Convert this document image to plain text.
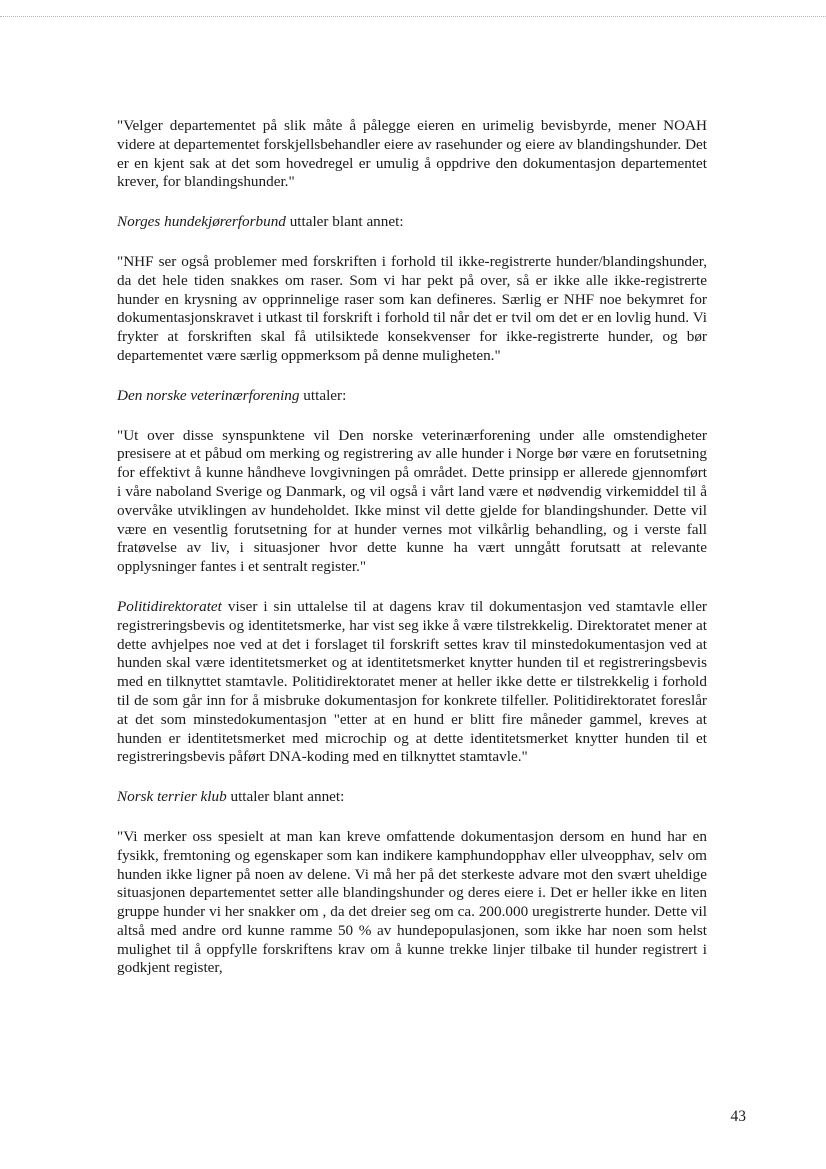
"Velger departementet på slik måte å pålegge eieren en urimelig bevisbyrde, mener NOAH videre at departementet forskjellsbehandler eiere av rasehunder og eiere av blandingshunder. Det er en kjent sak at det som hovedregel er umulig å oppdrive den dokumentasjon departementet krever, for blandingshunder."

Norges hundekjørerforbund uttaler blant annet:

"NHF ser også problemer med forskriften i forhold til ikke-registrerte hunder/blandingshunder, da det hele tiden snakkes om raser. Som vi har pekt på over, så er ikke alle ikke-registrerte hunder en krysning av opprinnelige raser som kan defineres. Særlig er NHF noe bekymret for dokumentasjonskravet i utkast til forskrift i forhold til når det er tvil om det er en lovlig hund. Vi frykter at forskriften skal få utilsiktede konsekvenser for ikke-registrerte hunder, og bør departementet være særlig oppmerksom på denne muligheten."

Den norske veterinærforening uttaler:

"Ut over disse synspunktene vil Den norske veterinærforening under alle omstendigheter presisere at et påbud om merking og registrering av alle hunder i Norge bør være en forutsetning for effektivt å kunne håndheve lovgivningen på området. Dette prinsipp er allerede gjennomført i våre naboland Sverige og Danmark, og vil også i vårt land være et nødvendig virkemiddel til å overvåke utviklingen av hundeholdet. Ikke minst vil dette gjelde for blandingshunder. Dette vil være en vesentlig forutsetning for at hunder vernes mot vilkårlig behandling, og i verste fall fratøvelse av liv, i situasjoner hvor dette kunne ha vært unngått forutsatt at relevante opplysninger fantes i et sentralt register."

Politidirektoratet viser i sin uttalelse til at dagens krav til dokumentasjon ved stamtavle eller registreringsbevis og identitetsmerke, har vist seg ikke å være tilstrekkelig. Direktoratet mener at dette avhjelpes noe ved at det i forslaget til forskrift settes krav til minstedokumentasjon ved at hunden skal være identitetsmerket og at identitetsmerket knytter hunden til et registreringsbevis med en tilknyttet stamtavle. Politidirektoratet mener at heller ikke dette er tilstrekkelig i forhold til de som går inn for å misbruke dokumentasjon for konkrete tilfeller. Politidirektoratet foreslår at det som minstedokumentasjon "etter at en hund er blitt fire måneder gammel, kreves at hunden er identitetsmerket med microchip og at dette identitetsmerket knytter hunden til et registreringsbevis påført DNA-koding med en tilknyttet stamtavle."

Norsk terrier klub uttaler blant annet:

"Vi merker oss spesielt at man kan kreve omfattende dokumentasjon dersom en hund har en fysikk, fremtoning og egenskaper som kan indikere kamphundopphav eller ulveopphav, selv om hunden ikke ligner på noen av delene. Vi må her på det sterkeste advare mot den svært uheldige situasjonen departementet setter alle blandingshunder og deres eiere i. Det er heller ikke en liten gruppe hunder vi her snakker om , da det dreier seg om ca. 200.000 uregistrerte hunder. Dette vil altså med andre ord kunne ramme 50 % av hundepopulasjonen, som ikke har noen som helst mulighet til å oppfylle forskriftens krav om å kunne trekke linjer tilbake til hunder registrert i godkjent register,

43
